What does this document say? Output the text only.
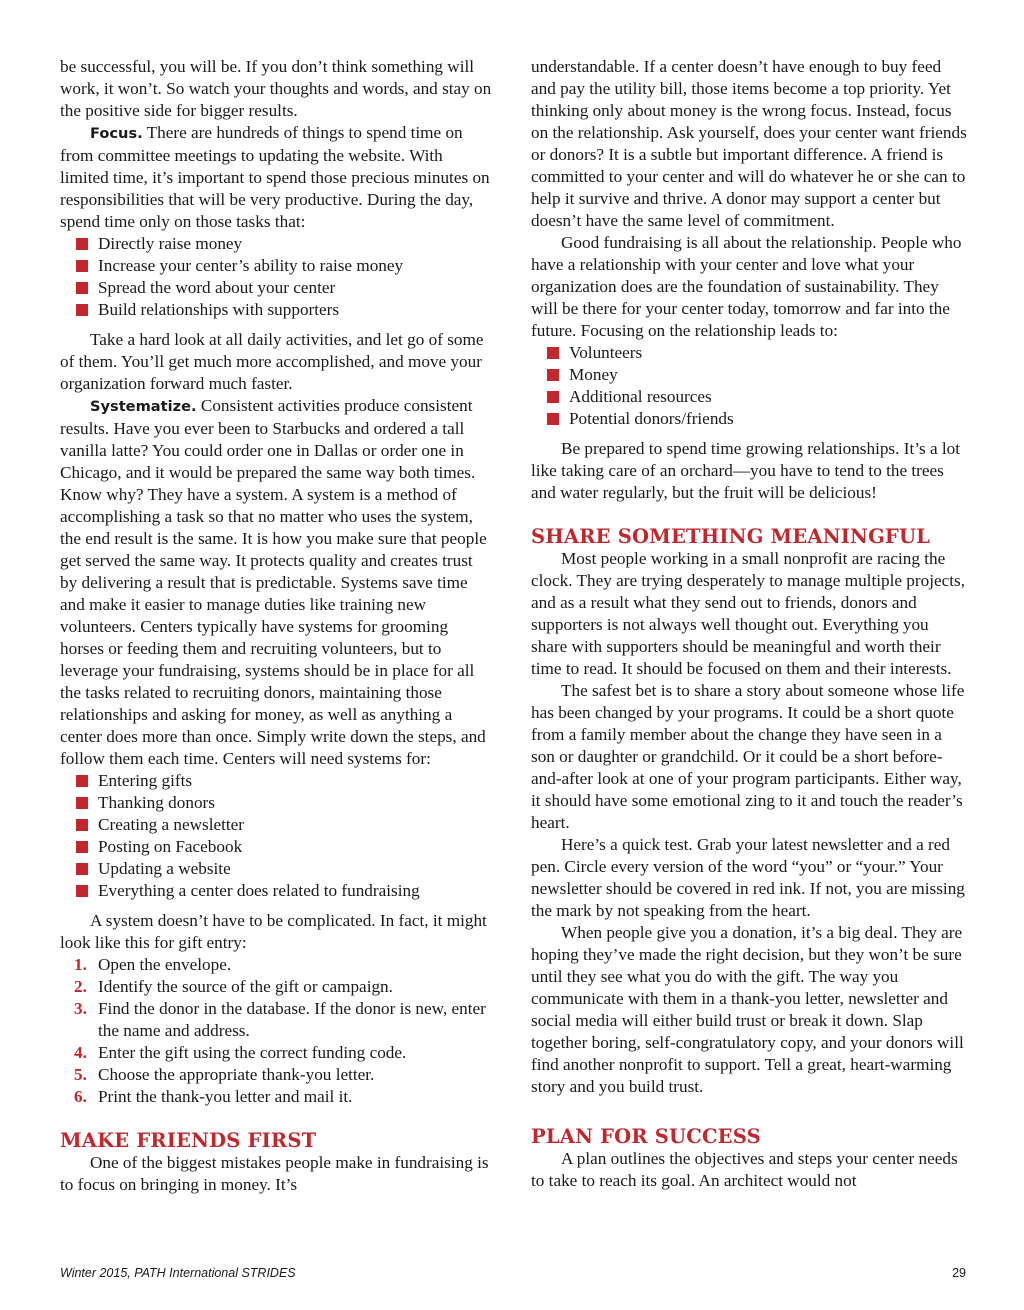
be successful, you will be. If you don’t think something will work, it won’t. So watch your thoughts and words, and stay on the positive side for bigger results.

Focus. There are hundreds of things to spend time on from committee meetings to updating the website. With limited time, it’s important to spend those precious minutes on responsibilities that will be very productive. During the day, spend time only on those tasks that:

Directly raise money
Increase your center’s ability to raise money
Spread the word about your center
Build relationships with supporters

Take a hard look at all daily activities, and let go of some of them. You’ll get much more accomplished, and move your organization forward much faster.

Systematize. Consistent activities produce consistent results. Have you ever been to Starbucks and ordered a tall vanilla latte? You could order one in Dallas or order one in Chicago, and it would be prepared the same way both times. Know why? They have a system. A system is a method of accomplishing a task so that no matter who uses the system, the end result is the same. It is how you make sure that people get served the same way. It protects quality and creates trust by delivering a result that is predictable. Systems save time and make it easier to manage duties like training new volunteers. Centers typically have systems for grooming horses or feeding them and recruiting volunteers, but to leverage your fundraising, systems should be in place for all the tasks related to recruiting donors, maintaining those relationships and asking for money, as well as anything a center does more than once. Simply write down the steps, and follow them each time. Centers will need systems for:

Entering gifts
Thanking donors
Creating a newsletter
Posting on Facebook
Updating a website
Everything a center does related to fundraising

A system doesn’t have to be complicated. In fact, it might look like this for gift entry:

1. Open the envelope.
2. Identify the source of the gift or campaign.
3. Find the donor in the database. If the donor is new, enter the name and address.
4. Enter the gift using the correct funding code.
5. Choose the appropriate thank-you letter.
6. Print the thank-you letter and mail it.
MAKE FRIENDS FIRST

One of the biggest mistakes people make in fundraising is to focus on bringing in money. It’s

understandable. If a center doesn’t have enough to buy feed and pay the utility bill, those items become a top priority. Yet thinking only about money is the wrong focus. Instead, focus on the relationship. Ask yourself, does your center want friends or donors? It is a subtle but important difference. A friend is committed to your center and will do whatever he or she can to help it survive and thrive. A donor may support a center but doesn’t have the same level of commitment.

Good fundraising is all about the relationship. People who have a relationship with your center and love what your organization does are the foundation of sustainability. They will be there for your center today, tomorrow and far into the future. Focusing on the relationship leads to:

Volunteers
Money
Additional resources
Potential donors/friends

Be prepared to spend time growing relationships. It’s a lot like taking care of an orchard—you have to tend to the trees and water regularly, but the fruit will be delicious!

SHARE SOMETHING MEANINGFUL

Most people working in a small nonprofit are racing the clock. They are trying desperately to manage multiple projects, and as a result what they send out to friends, donors and supporters is not always well thought out. Everything you share with supporters should be meaningful and worth their time to read. It should be focused on them and their interests.

The safest bet is to share a story about someone whose life has been changed by your programs. It could be a short quote from a family member about the change they have seen in a son or daughter or grandchild. Or it could be a short before-and-after look at one of your program participants. Either way, it should have some emotional zing to it and touch the reader’s heart.

Here’s a quick test. Grab your latest newsletter and a red pen. Circle every version of the word “you” or “your.” Your newsletter should be covered in red ink. If not, you are missing the mark by not speaking from the heart.

When people give you a donation, it’s a big deal. They are hoping they’ve made the right decision, but they won’t be sure until they see what you do with the gift. The way you communicate with them in a thank-you letter, newsletter and social media will either build trust or break it down. Slap together boring, self-congratulatory copy, and your donors will find another nonprofit to support. Tell a great, heart-warming story and you build trust.

PLAN FOR SUCCESS

A plan outlines the objectives and steps your center needs to take to reach its goal. An architect would not

Winter 2015, PATH International STRIDES	29
